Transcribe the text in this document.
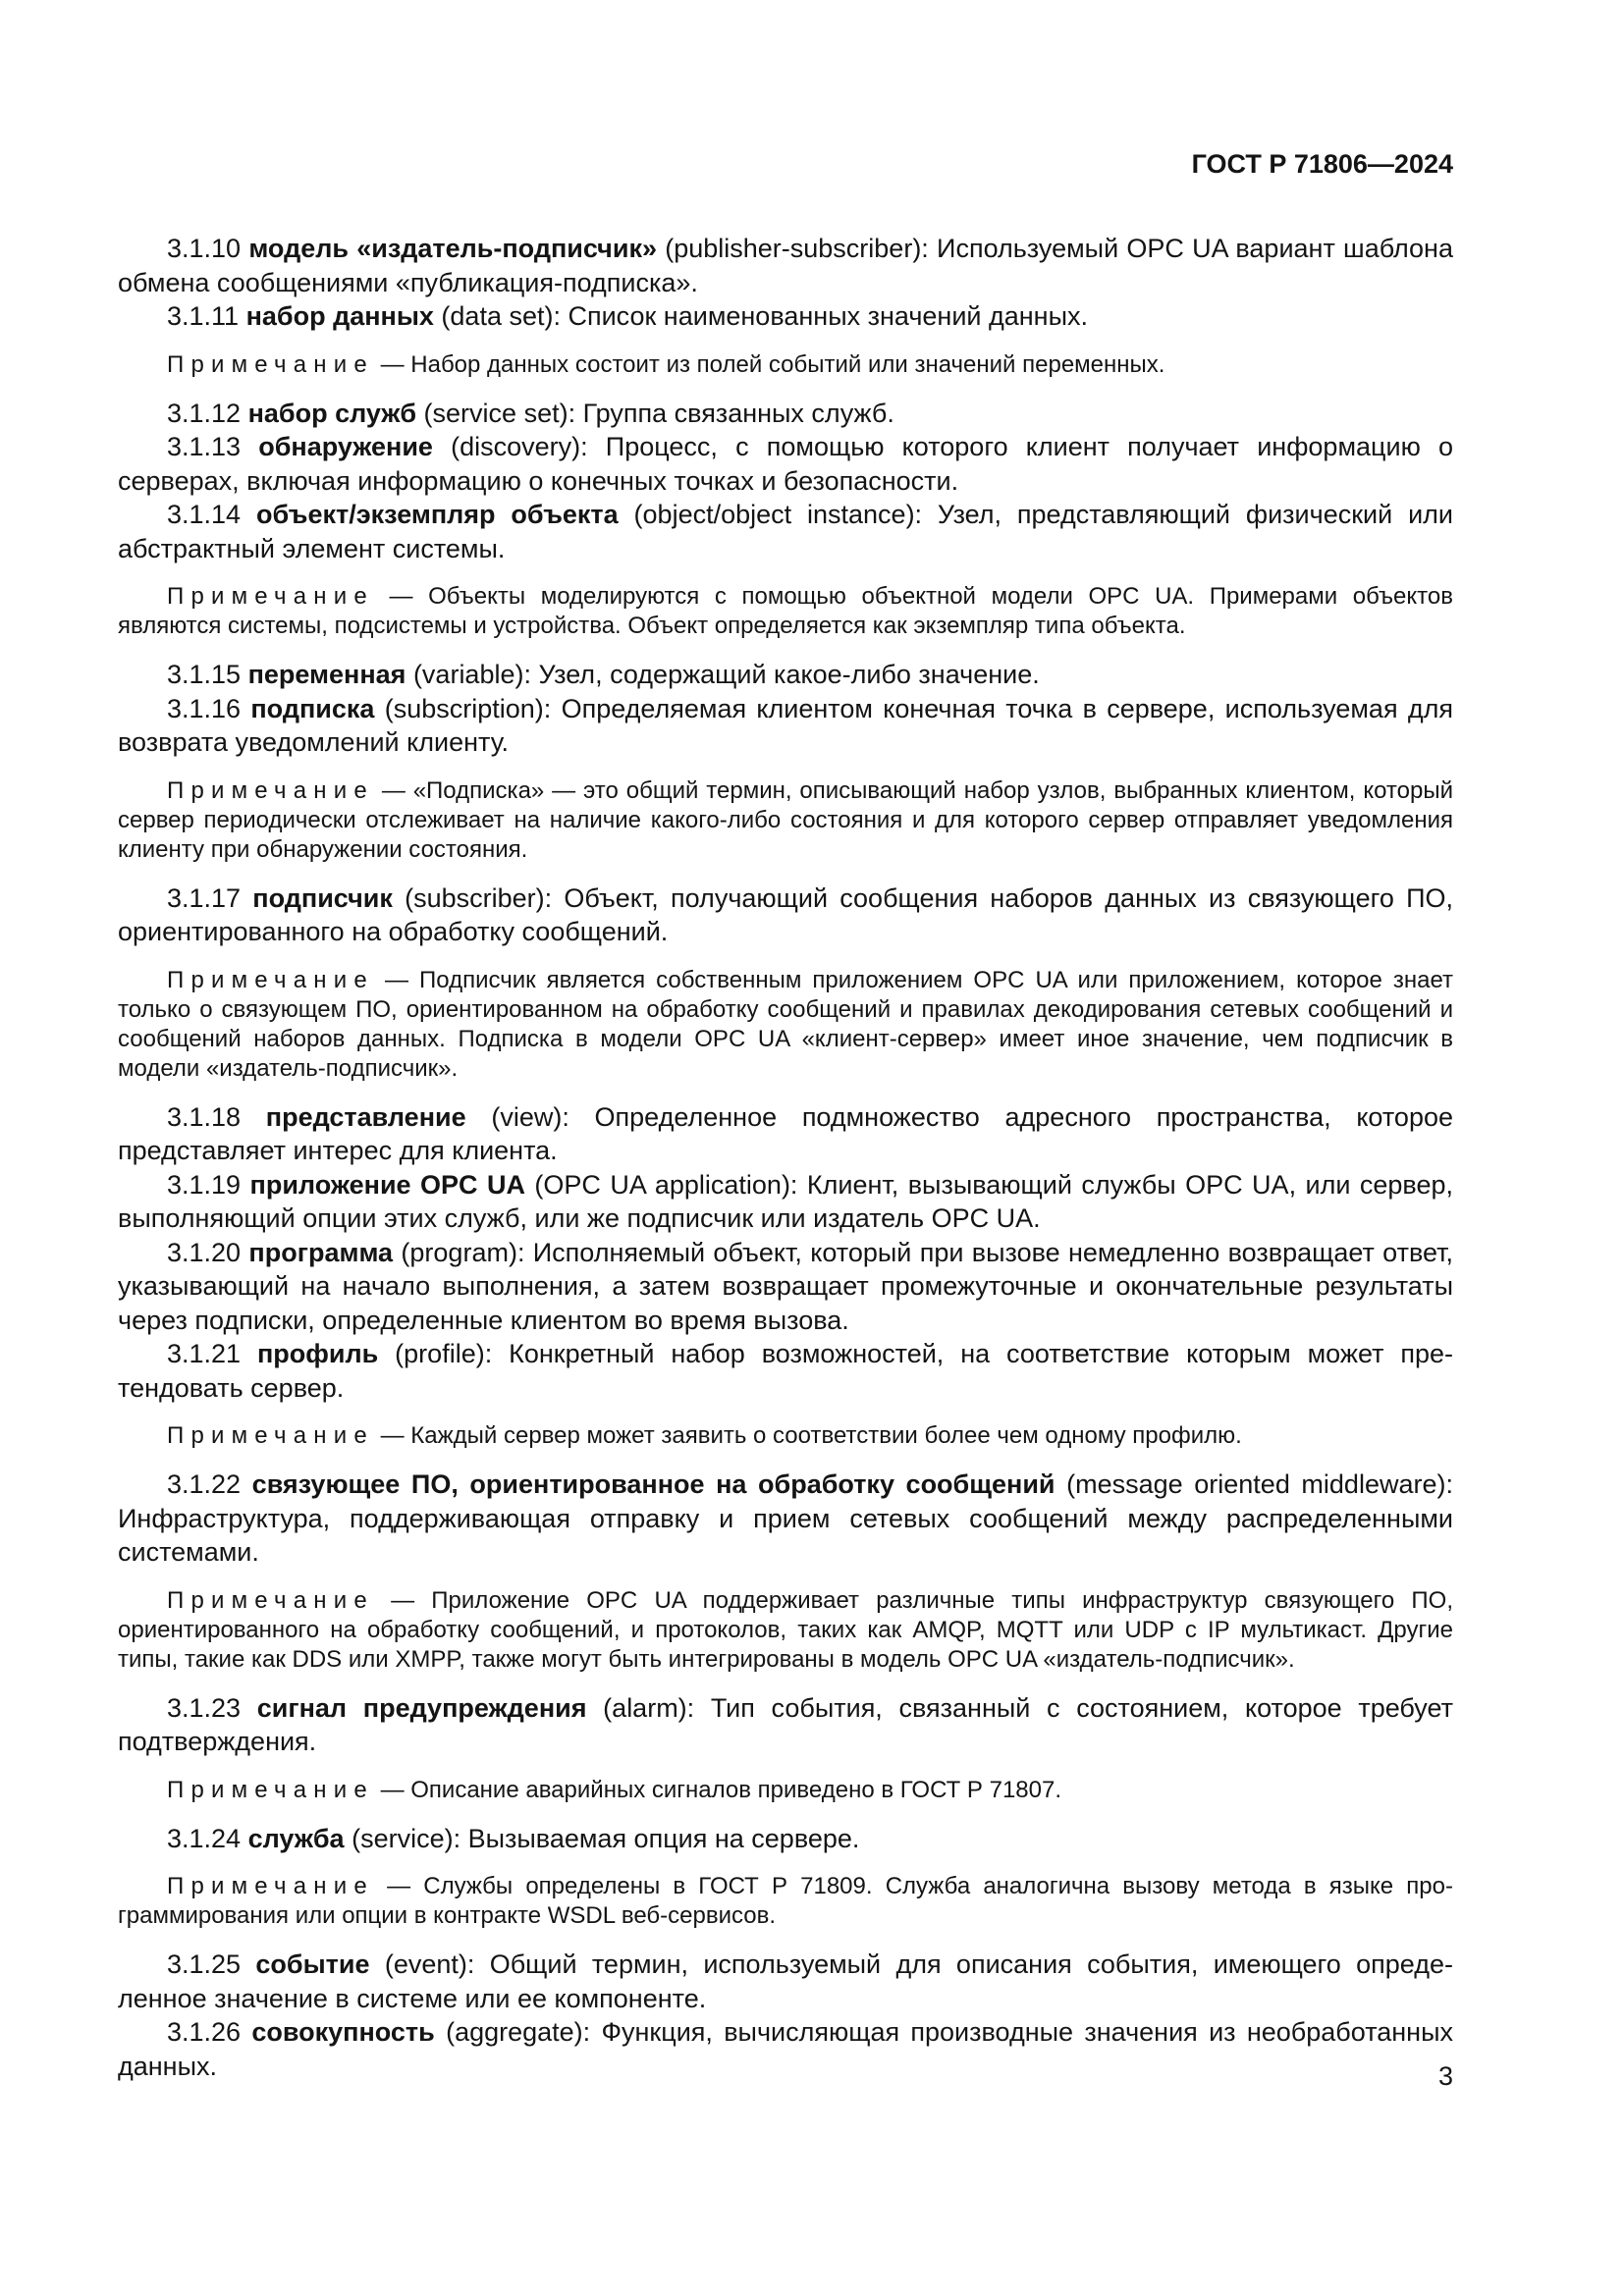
ГОСТ Р 71806—2024

3.1.10 модель «издатель-подписчик» (publisher-subscriber): Используемый OPC UA вариант шаблона обмена сообщениями «публикация-подписка».

3.1.11 набор данных (data set): Список наименованных значений данных.

Примечание — Набор данных состоит из полей событий или значений переменных.

3.1.12 набор служб (service set): Группа связанных служб.

3.1.13 обнаружение (discovery): Процесс, с помощью которого клиент получает информацию о серверах, включая информацию о конечных точках и безопасности.

3.1.14 объект/экземпляр объекта (object/object instance): Узел, представляющий физический или абстрактный элемент системы.

Примечание — Объекты моделируются с помощью объектной модели OPC UA. Примерами объектов являются системы, подсистемы и устройства. Объект определяется как экземпляр типа объекта.

3.1.15 переменная (variable): Узел, содержащий какое-либо значение.

3.1.16 подписка (subscription): Определяемая клиентом конечная точка в сервере, используемая для возврата уведомлений клиенту.

Примечание — «Подписка» — это общий термин, описывающий набор узлов, выбранных клиентом, который сервер периодически отслеживает на наличие какого-либо состояния и для которого сервер отправляет уведомления клиенту при обнаружении состояния.

3.1.17 подписчик (subscriber): Объект, получающий сообщения наборов данных из связующего ПО, ориентированного на обработку сообщений.

Примечание — Подписчик является собственным приложением OPC UA или приложением, которое знает только о связующем ПО, ориентированном на обработку сообщений и правилах декодирования сетевых сообщений и сообщений наборов данных. Подписка в модели OPC UA «клиент-сервер» имеет иное значение, чем подписчик в модели «издатель-подписчик».

3.1.18 представление (view): Определенное подмножество адресного пространства, которое представляет интерес для клиента.

3.1.19 приложение OPC UA (OPC UA application): Клиент, вызывающий службы OPC UA, или сервер, выполняющий опции этих служб, или же подписчик или издатель OPC UA.

3.1.20 программа (program): Исполняемый объект, который при вызове немедленно возвращает ответ, указывающий на начало выполнения, а затем возвращает промежуточные и окончательные результаты через подписки, определенные клиентом во время вызова.

3.1.21 профиль (profile): Конкретный набор возможностей, на соответствие которым может претендовать сервер.

Примечание — Каждый сервер может заявить о соответствии более чем одному профилю.

3.1.22 связующее ПО, ориентированное на обработку сообщений (message oriented middleware): Инфраструктура, поддерживающая отправку и прием сетевых сообщений между распределенными системами.

Примечание — Приложение OPC UA поддерживает различные типы инфраструктур связующего ПО, ориентированного на обработку сообщений, и протоколов, таких как AMQP, MQTT или UDP с IP мультикаст. Другие типы, такие как DDS или XMPP, также могут быть интегрированы в модель OPC UA «издатель-подписчик».

3.1.23 сигнал предупреждения (alarm): Тип события, связанный с состоянием, которое требует подтверждения.

Примечание — Описание аварийных сигналов приведено в ГОСТ Р 71807.

3.1.24 служба (service): Вызываемая опция на сервере.

Примечание — Службы определены в ГОСТ Р 71809. Служба аналогична вызову метода в языке программирования или опции в контракте WSDL веб-сервисов.

3.1.25 событие (event): Общий термин, используемый для описания события, имеющего определенное значение в системе или ее компоненте.

3.1.26 совокупность (aggregate): Функция, вычисляющая производные значения из необработанных данных.	3
